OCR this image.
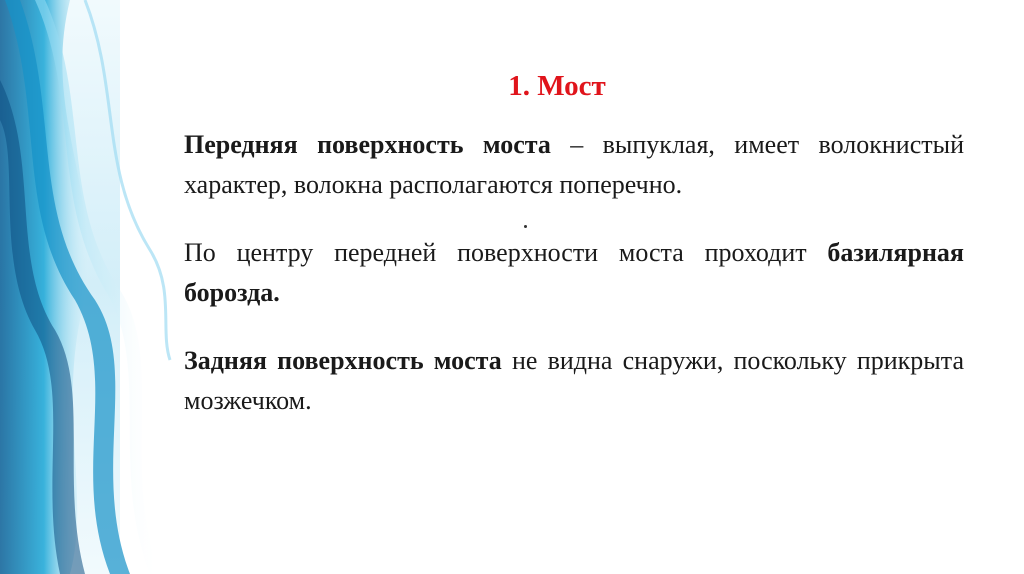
1. Мост
Передняя поверхность моста – выпуклая, имеет волокнистый характер, волокна располагаются поперечно.
По центру передней поверхности моста проходит базилярная борозда.
Задняя поверхность моста не видна снаружи, поскольку прикрыта мозжечком.
